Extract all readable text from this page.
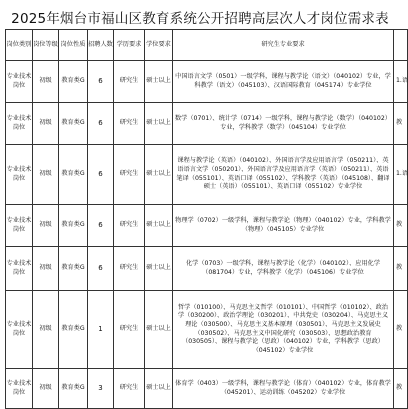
2025年烟台市福山区教育系统公开招聘高层次人才岗位需求表
岗位类别	岗位等级	岗位性质	招聘人数	学历要求	学位要求	研究生专业要求	
专业技术岗位	初级	教育类G	6	研究生	硕士以上	中国语言文学（0501）一级学科，课程与教学论（语文）（040102）专业，学科教学（语文）（045103）、汉语国际教育（045174）专业学位	1.语
专业技术岗位	初级	教育类G	6	研究生	硕士以上	数学（0701）、统计学（0714）一级学科，课程与教学论（数学）（040102）专业，学科教学（数学）（045104）专业学位	教
专业技术岗位	初级	教育类G	6	研究生	硕士以上	课程与教学论（英语）（040102）、外国语言学及应用语言学（050211）、英语语言文学（050201）、外国语言学及应用语言学（英语）（050211）、英语笔译（055101）、英语口译（055102）、学科教学（英语）（045108）、翻译硕士（英语）（055101）、英语口译（055102）专业学位	1.语
专业技术岗位	初级	教育类G	6	研究生	硕士以上	物理学（0702）一级学科，课程与教学论（物理）（040102）专业，学科教学（物理）（045105）专业学位	教
专业技术岗位	初级	教育类G	6	研究生	硕士以上	化学（0703）一级学科，课程与教学论（化学）（040102）、应用化学（081704）专业，学科教学（化学）（045106）专业学位	教
专业技术岗位	初级	教育类G	1	研究生	硕士以上	哲学（010100）、马克思主义哲学（010101）、中国哲学（010102）、政治学（030200）、政治学理论（030201）、中共党史（030204）、马克思主义理论（030500）、马克思主义基本原理（030501）、马克思主义发展史（030502）、马克思主义中国化研究（030503）、思想政治教育（030505）、课程与教学论（思政）（040102）专业，学科教学（思政）（045102）专业学位	教
专业技术岗位	初级	教育类G	3	研究生	硕士以上	体育学（0403）一级学科，课程与教学论（体育）（040102）专业，体育教学（045201）、运动训练（045202）专业学位	教
